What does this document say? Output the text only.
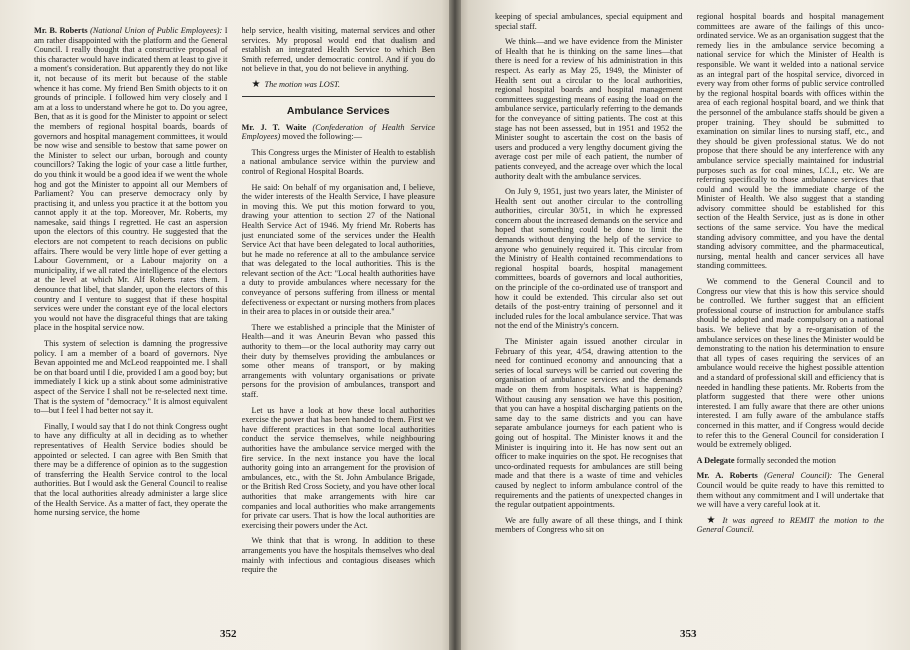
Mr. B. Roberts (National Union of Public Employees): I am rather disappointed with the platform and the General Council. I really thought that a constructive proposal of this character would have indicated them at least to give it a moment's consideration. But apparently they do not like it, not because of its merit but because of the stable whence it has come. My friend Ben Smith objects to it on grounds of principle. I followed him very closely and I am at a loss to understand where he got to. Do you agree, Ben, that as it is good for the Minister to appoint or select the members of regional hospital boards, boards of governors and hospital management committees, it would be now wise and sensible to bestow that same power on the Minister to select our urban, borough and county councillors? Taking the logic of your case a little further, do you think it would be a good idea if we went the whole hog and got the Minister to appoint all our Members of Parliament? You can preserve democracy only by practising it, and unless you practice it at the bottom you cannot apply it at the top. Moreover, Mr. Roberts, my namesake, said things I regretted. He cast an aspersion upon the electors of this country. He suggested that the electors are not competent to reach decisions on public affairs. There would be very little hope of ever getting a Labour Government, or a Labour majority on a municipality, if we all rated the intelligence of the electors at the level at which Mr. Alf Roberts rates them. I denounce that libel, that slander, upon the electors of this country and I venture to suggest that if these hospital services were under the constant eye of the local electors you would not have the disgraceful things that are taking place in the hospital service now.

This system of selection is damning the progressive policy. I am a member of a board of governors. Nye Bevan appointed me and McLeod reappointed me. I shall be on that board until I die, provided I am a good boy; but immediately I kick up a stink about some administrative aspect of the Service I shall not be re-selected next time. That is the system of "democracy." It is almost equivalent to—but I feel I had better not say it.

Finally, I would say that I do not think Congress ought to have any difficulty at all in deciding as to whether representatives of Health Service bodies should be appointed or selected. I can agree with Ben Smith that there may be a difference of opinion as to the suggestion of transferring the Health Service control to the local authorities. But I would ask the General Council to realise that the local authorities already administer a large slice of the Health Service. As a matter of fact, they operate the home nursing service, the home

help service, health visiting, maternal services and other services. My proposal would end that dualism and establish an integrated Health Service to which Ben Smith referred, under democratic control. And if you do not believe in that, you do not believe in anything.

★ The motion was LOST.

Ambulance Services

Mr. J. T. Waite (Confederation of Health Service Employees) moved the following:—

This Congress urges the Minister of Health to establish a national ambulance service within the purview and control of Regional Hospital Boards.

He said: On behalf of my organisation and, I believe, the wider interests of the Health Service, I have pleasure in moving this. We put this motion forward to you, drawing your attention to section 27 of the National Health Service Act of 1946. My friend Mr. Roberts has just enunciated some of the services under the Health Service Act that have been delegated to local authorities, but he made no reference at all to the ambulance service that was delegated to the local authorities. This is the relevant section of the Act: "Local health authorities have a duty to provide ambulances where necessary for the conveyance of persons suffering from illness or mental defectiveness or expectant or nursing mothers from places in their area to places in or outside their area."

There we established a principle that the Minister of Health—and it was Aneurin Bevan who passed this authority to them—or the local authority may carry out their duty by themselves providing the ambulances or some other means of transport, or by making arrangements with voluntary organisations or private persons for the provision of ambulances, transport and staff.

Let us have a look at how these local authorities exercise the power that has been handed to them. First we have different practices in that some local authorities conduct the service themselves, while neighbouring authorities have the ambulance service merged with the fire service. In the next instance you have the local authority going into an arrangement for the provision of ambulances, etc., with the St. John Ambulance Brigade, or the British Red Cross Society, and you have other local authorities that make arrangements with hire car companies and local authorities who make arrangements for private car users. That is how the local authorities are exercising their powers under the Act.

We think that that is wrong. In addition to these arrangements you have the hospitals themselves who deal mainly with infectious and contagious diseases which require the

352

keeping of special ambulances, special equipment and special staff.

We think—and we have evidence from the Minister of Health that he is thinking on the same lines—that there is need for a review of his administration in this respect. As early as May 25, 1949, the Minister of Health sent out a circular to the local authorities, regional hospital boards and hospital management committees suggesting means of easing the load on the ambulance service, particularly referring to the demands for the conveyance of sitting patients. The cost at this stage has not been assessed, but in 1951 and 1952 the Minister sought to ascertain the cost on the basis of users and produced a very lengthy document giving the average cost per mile of each patient, the number of patients conveyed, and the acreage over which the local authority dealt with the ambulance services.

On July 9, 1951, just two years later, the Minister of Health sent out another circular to the controlling authorities, circular 30/51, in which he expressed concern about the increased demands on the service and hoped that something could be done to limit the demands without denying the help of the service to anyone who genuinely required it. This circular from the Ministry of Health contained recommendations to regional hospital boards, hospital management committees, boards of governors and local authorities, on the principle of the co-ordinated use of transport and how it could be extended. This circular also set out details of the post-entry training of personnel and it included rules for the local ambulance service. That was not the end of the Ministry's concern.

The Minister again issued another circular in February of this year, 4/54, drawing attention to the need for continued economy and announcing that a series of local surveys will be carried out covering the organisation of ambulance services and the demands made on them from hospitals. What is happening? Without causing any sensation we have this position, that you can have a hospital discharging patients on the same day to the same districts and you can have separate ambulance journeys for each patient who is going out of hospital. The Minister knows it and the Minister is inquiring into it. He has now sent out an officer to make inquiries on the spot. He recognises that unco-ordinated requests for ambulances are still being made and that there is a waste of time and vehicles caused by neglect to inform ambulance control of the requirements and the patients of unexpected changes in the regular outpatient appointments.

We are fully aware of all these things, and I think members of Congress who sit on

regional hospital boards and hospital management committees are aware of the failings of this unco-ordinated service. We as an organisation suggest that the remedy lies in the ambulance service becoming a national service for which the Minister of Health is responsible. We want it welded into a national service as an integral part of the hospital service, divorced in every way from other forms of public service controlled by the regional hospital boards with offices within the area of each regional hospital board, and we think that the personnel of the ambulance staffs should be given a proper training. They should be submitted to examination on similar lines to nursing staff, etc., and they should be given professional status. We do not propose that there should be any interference with any ambulance service specially maintained for industrial purposes such as for coal mines, I.C.I., etc. We are referring specifically to those ambulance services that could and would be the immediate charge of the Minister of Health. We also suggest that a standing advisory committee should be established for this section of the Health Service, just as is done in other sections of the same service. You have the medical standing advisory committee, and you have the dental standing advisory committee, and the pharmaceutical, nursing, mental health and cancer services all have standing committees.

We commend to the General Council and to Congress our view that this is how this service should be controlled. We further suggest that an efficient professional course of instruction for ambulance staffs should be adopted and made compulsory on a national basis. We believe that by a re-organisation of the ambulance services on these lines the Minister would be demonstrating to the nation his determination to ensure that all types of cases requiring the services of an ambulance would receive the highest possible attention and a standard of professional skill and efficiency that is needed in handling these patients. Mr. Roberts from the platform suggested that there were other unions interested. I am fully aware that there are other unions interested. I am fully aware of the ambulance staffs concerned in this matter, and if Congress would decide to refer this to the General Council for consideration I would be extremely obliged.

A Delegate formally seconded the motion

Mr. A. Roberts (General Council): The General Council would be quite ready to have this remitted to them without any commitment and I will undertake that we will have a very careful look at it.

★ It was agreed to REMIT the motion to the General Council.

353
